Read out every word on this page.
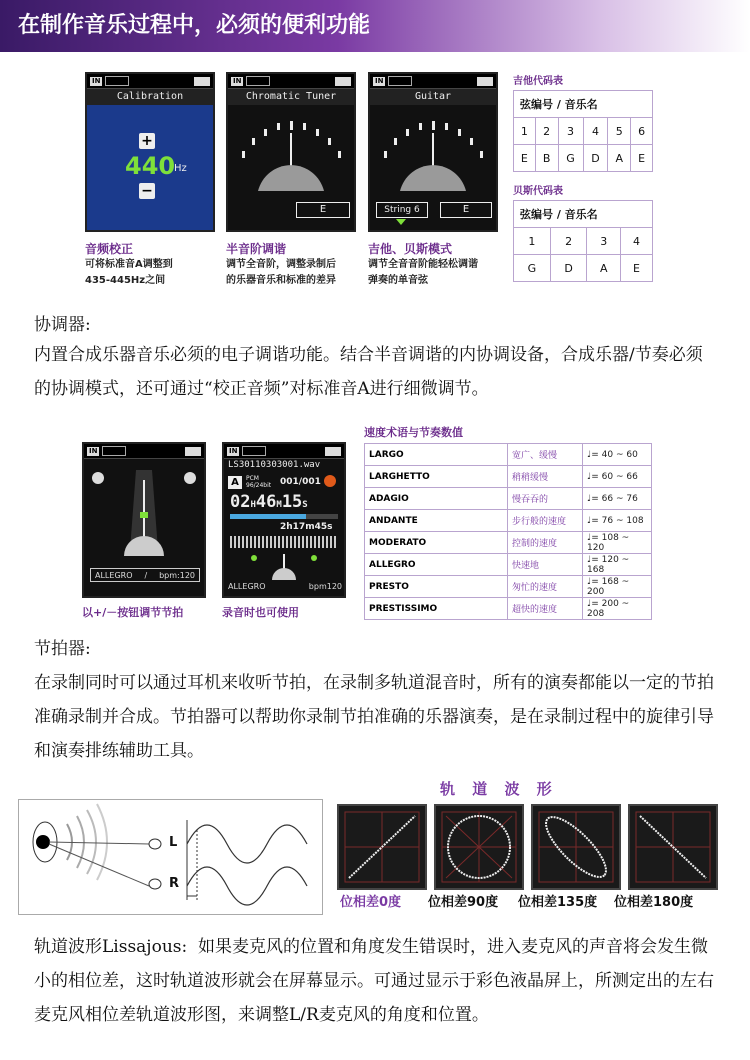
在制作音乐过程中，必须的便利功能
IN
Calibration
+
440
Hz
−
IN
Chromatic Tuner
E
IN
Guitar
String 6	E
音频校正
可将标准音A调整到
435-445Hz之间
半音阶调谐
调节全音阶，调整录制后
的乐器音乐和标准的差异
吉他、贝斯模式
调节全音音阶能轻松调谐
弹奏的单音弦
吉他代码表
弦编号 / 音乐名					
1	2	3	4	5	6
E	B	G	D	A	E
贝斯代码表
弦编号 / 音乐名			
1	2	3	4
G	D	A	E
协调器:
内置合成乐器音乐必须的电子调谐功能。结合半音调谐的内协调设备，合成乐器/节奏必须的协调模式，还可通过“校正音频”对标准音A进行细微调节。
IN
ALLEGRO / bpm:120
IN
LS30110303001.wav
A	PCM
96/24bit 001/001
02H46M15S
2h17m45s
ALLEGRO	bpm120
以+/－按钮调节节拍	录音时也可使用
速度术语与节奏数值
LARGO	宽广、缓慢	♩= 40 ~ 60
LARGHETTO	稍稍缓慢	♩= 60 ~ 66
ADAGIO	慢吞吞的	♩= 66 ~ 76
ANDANTE	步行般的速度	♩= 76 ~ 108
MODERATO	控制的速度	♩= 108 ~ 120
ALLEGRO	快速地	♩= 120 ~ 168
PRESTO	匆忙的速度	♩= 168 ~ 200
PRESTISSIMO	超快的速度	♩= 200 ~ 208
节拍器:
在录制同时可以通过耳机来收听节拍，在录制多轨道混音时，所有的演奏都能以一定的节拍准确录制并合成。节拍器可以帮助你录制节拍准确的乐器演奏，是在录制过程中的旋律引导和演奏排练辅助工具。
轨 道 波 形
L
R
位相差0度 位相差90度 位相差135度 位相差180度
轨道波形Lissajous: 如果麦克风的位置和角度发生错误时，进入麦克风的声音将会发生微小的相位差，这时轨道波形就会在屏幕显示。可通过显示于彩色液晶屏上，所测定出的左右麦克风相位差轨道波形图，来调整L/R麦克风的角度和位置。
